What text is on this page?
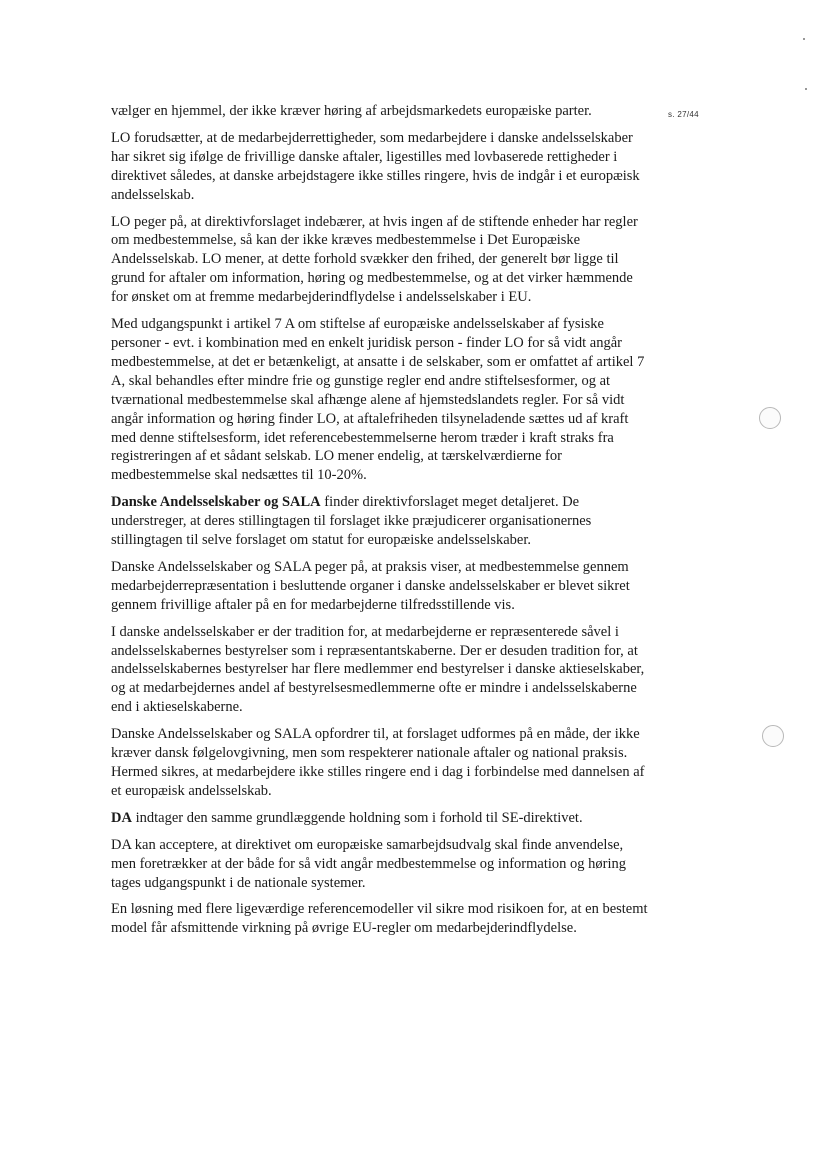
s. 27/44

vælger en hjemmel, der ikke kræver høring af arbejdsmarkedets europæiske parter.

LO forudsætter, at de medarbejderrettigheder, som medarbejdere i danske andelsselskaber har sikret sig ifølge de frivillige danske aftaler, ligestilles med lovbaserede rettigheder i direktivet således, at danske arbejdstagere ikke stilles ringere, hvis de indgår i et europæisk andelsselskab.

LO peger på, at direktivforslaget indebærer, at hvis ingen af de stiftende enheder har regler om medbestemmelse, så kan der ikke kræves medbestemmelse i Det Europæiske Andelsselskab. LO mener, at dette forhold svækker den frihed, der generelt bør ligge til grund for aftaler om information, høring og medbestemmelse, og at det virker hæmmende for ønsket om at fremme medarbejderindflydelse i andelsselskaber i EU.

Med udgangspunkt i artikel 7 A om stiftelse af europæiske andelsselskaber af fysiske personer - evt. i kombination med en enkelt juridisk person - finder LO for så vidt angår medbestemmelse, at det er betænkeligt, at ansatte i de selskaber, som er omfattet af artikel 7 A, skal behandles efter mindre frie og gunstige regler end andre stiftelsesformer, og at tværnational medbestemmelse skal afhænge alene af hjemstedslandets regler. For så vidt angår information og høring finder LO, at aftalefriheden tilsyneladende sættes ud af kraft med denne stiftelsesform, idet referencebestemmelserne herom træder i kraft straks fra registreringen af et sådant selskab. LO mener endelig, at tærskelværdierne for medbestemmelse skal nedsættes til 10-20%.

Danske Andelsselskaber og SALA finder direktivforslaget meget detaljeret. De understreger, at deres stillingtagen til forslaget ikke præjudicerer organisationernes stillingtagen til selve forslaget om statut for europæiske andelsselskaber.

Danske Andelsselskaber og SALA peger på, at praksis viser, at medbestemmelse gennem medarbejderrepræsentation i besluttende organer i danske andelsselskaber er blevet sikret gennem frivillige aftaler på en for medarbejderne tilfredsstillende vis.

I danske andelsselskaber er der tradition for, at medarbejderne er repræsenterede såvel i andelsselskabernes bestyrelser som i repræsentantskaberne. Der er desuden tradition for, at andelsselskabernes bestyrelser har flere medlemmer end bestyrelser i danske aktieselskaber, og at medarbejdernes andel af bestyrelsesmedlemmerne ofte er mindre i andelsselskaberne end i aktieselskaberne.

Danske Andelsselskaber og SALA opfordrer til, at forslaget udformes på en måde, der ikke kræver dansk følgelovgivning, men som respekterer nationale aftaler og national praksis. Hermed sikres, at medarbejdere ikke stilles ringere end i dag i forbindelse med dannelsen af et europæisk andelsselskab.

DA indtager den samme grundlæggende holdning som i forhold til SE-direktivet.

DA kan acceptere, at direktivet om europæiske samarbejdsudvalg skal finde anvendelse, men foretrækker at der både for så vidt angår medbestemmelse og information og høring tages udgangspunkt i de nationale systemer.

En løsning med flere ligeværdige referencemodeller vil sikre mod risikoen for, at en bestemt model får afsmittende virkning på øvrige EU-regler om medarbejderindflydelse.
